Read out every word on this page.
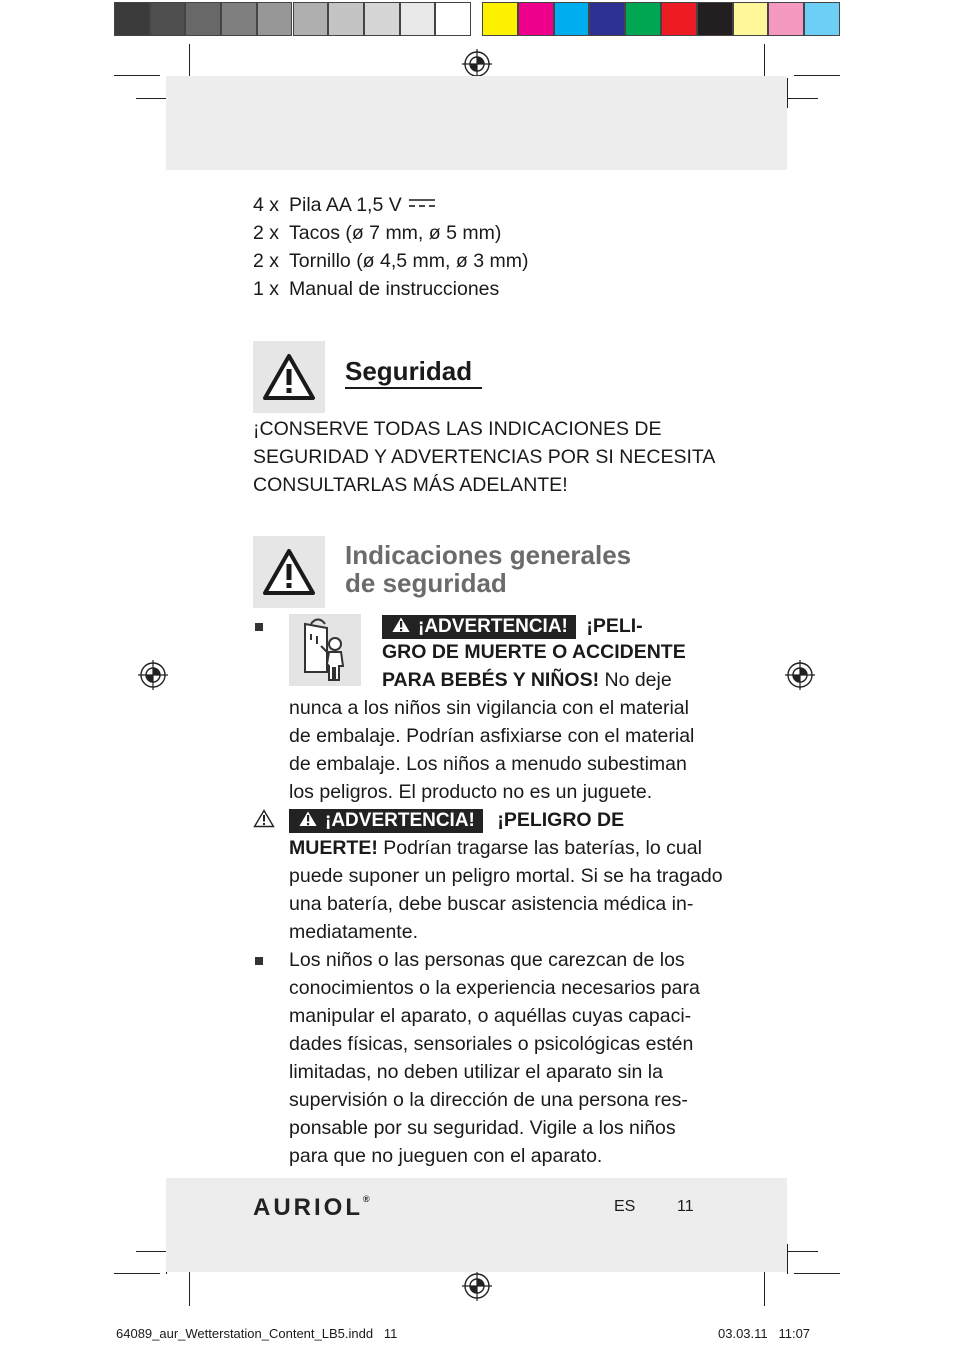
4 x Pila AA 1,5 V
2 x Tacos (ø 7 mm, ø 5 mm)
2 x Tornillo (ø 4,5 mm, ø 3 mm)
1 x Manual de instrucciones
Seguridad
¡CONSERVE TODAS LAS INDICACIONES DE
SEGURIDAD Y ADVERTENCIAS POR SI NECESITA
CONSULTARLAS MÁS ADELANTE!
Indicaciones generales
de seguridad
¡ADVERTENCIA! ¡PELI-
GRO DE MUERTE O ACCIDENTE
PARA BEBÉS Y NIÑOS! No deje
nunca a los niños sin vigilancia con el material
de embalaje. Podrían asfixiarse con el material
de embalaje. Los niños a menudo subestiman
los peligros. El producto no es un juguete.
¡ADVERTENCIA! ¡PELIGRO DE
MUERTE! Podrían tragarse las baterías, lo cual
puede suponer un peligro mortal. Si se ha tragado
una batería, debe buscar asistencia médica in-
mediatamente.
Los niños o las personas que carezcan de los
conocimientos o la experiencia necesarios para
manipular el aparato, o aquéllas cuyas capaci-
dades físicas, sensoriales o psicológicas estén
limitadas, no deben utilizar el aparato sin la
supervisión o la dirección de una persona res-
ponsable por su seguridad. Vigile a los niños
para que no jueguen con el aparato.
AURIOL®	ES	11
64089_aur_Wetterstation_Content_LB5.indd   11	03.03.11   11:07
